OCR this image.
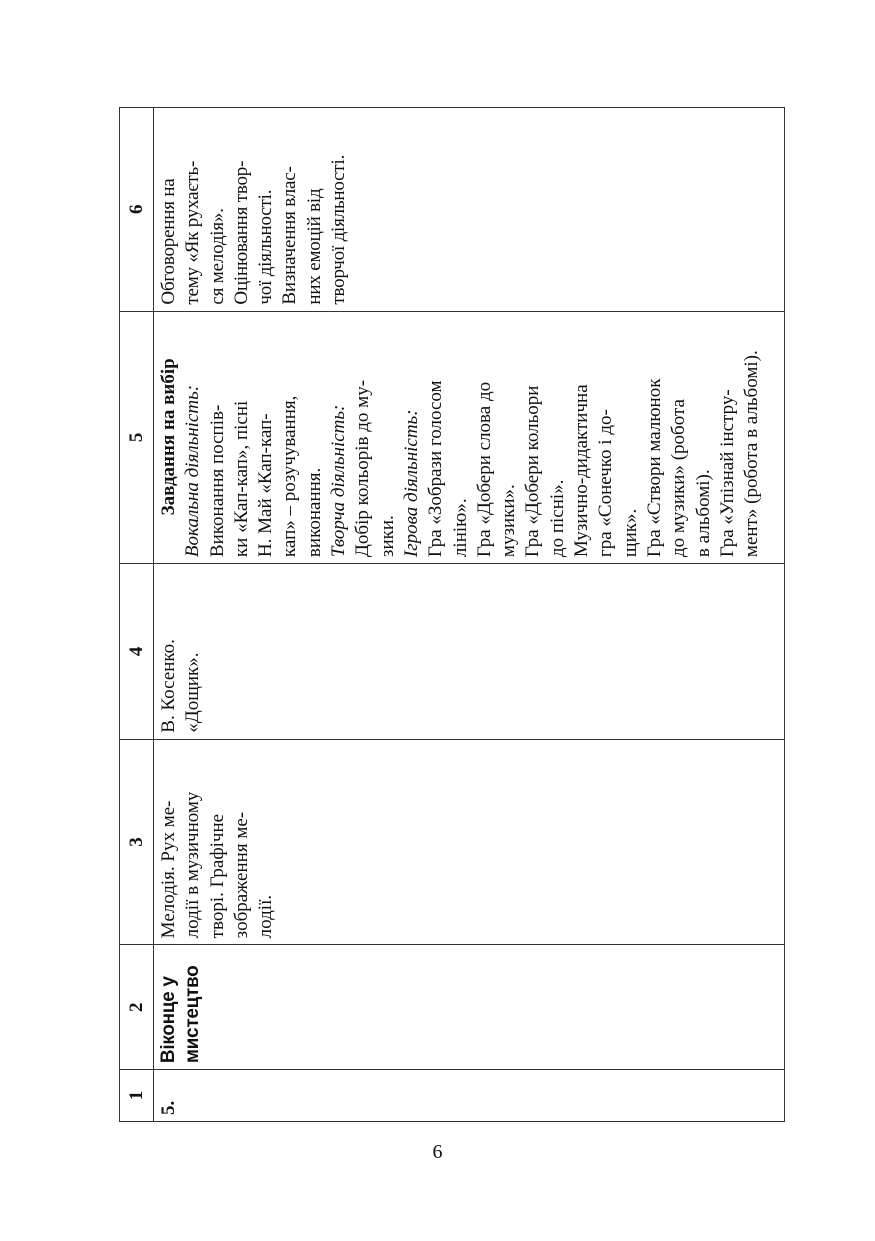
1
2
3
4
5
6
5.
Віконце у мистецтво
Мелодія. Рух ме- лодії в музичному творі. Графічне зображення ме- лодії.
В. Косенко. «Дощик».
Завдання на вибір Вокальна діяльність: Виконання поспів- ки «Кап-кап», пісні Н. Май «Кап-кап- кап» – розучування, виконання. Творча діяльність: Добір кольорів до му- зики. Ігрова діяльність: Гра «Зобрази голосом лінію». Гра «Добери слова до музики». Гра «Добери кольори до пісні». Музично-дидактична гра «Сонечко і до- щик». Гра «Створи малюнок до музики» (робота в альбомі). Гра «Упізнай інстру- мент» (робота в альбомі).
Обговорення на тему «Як рухаєть- ся мелодія». Оцінювання твор- чої діяльності. Визначення влас- них емоцій від творчої діяльності.
6
